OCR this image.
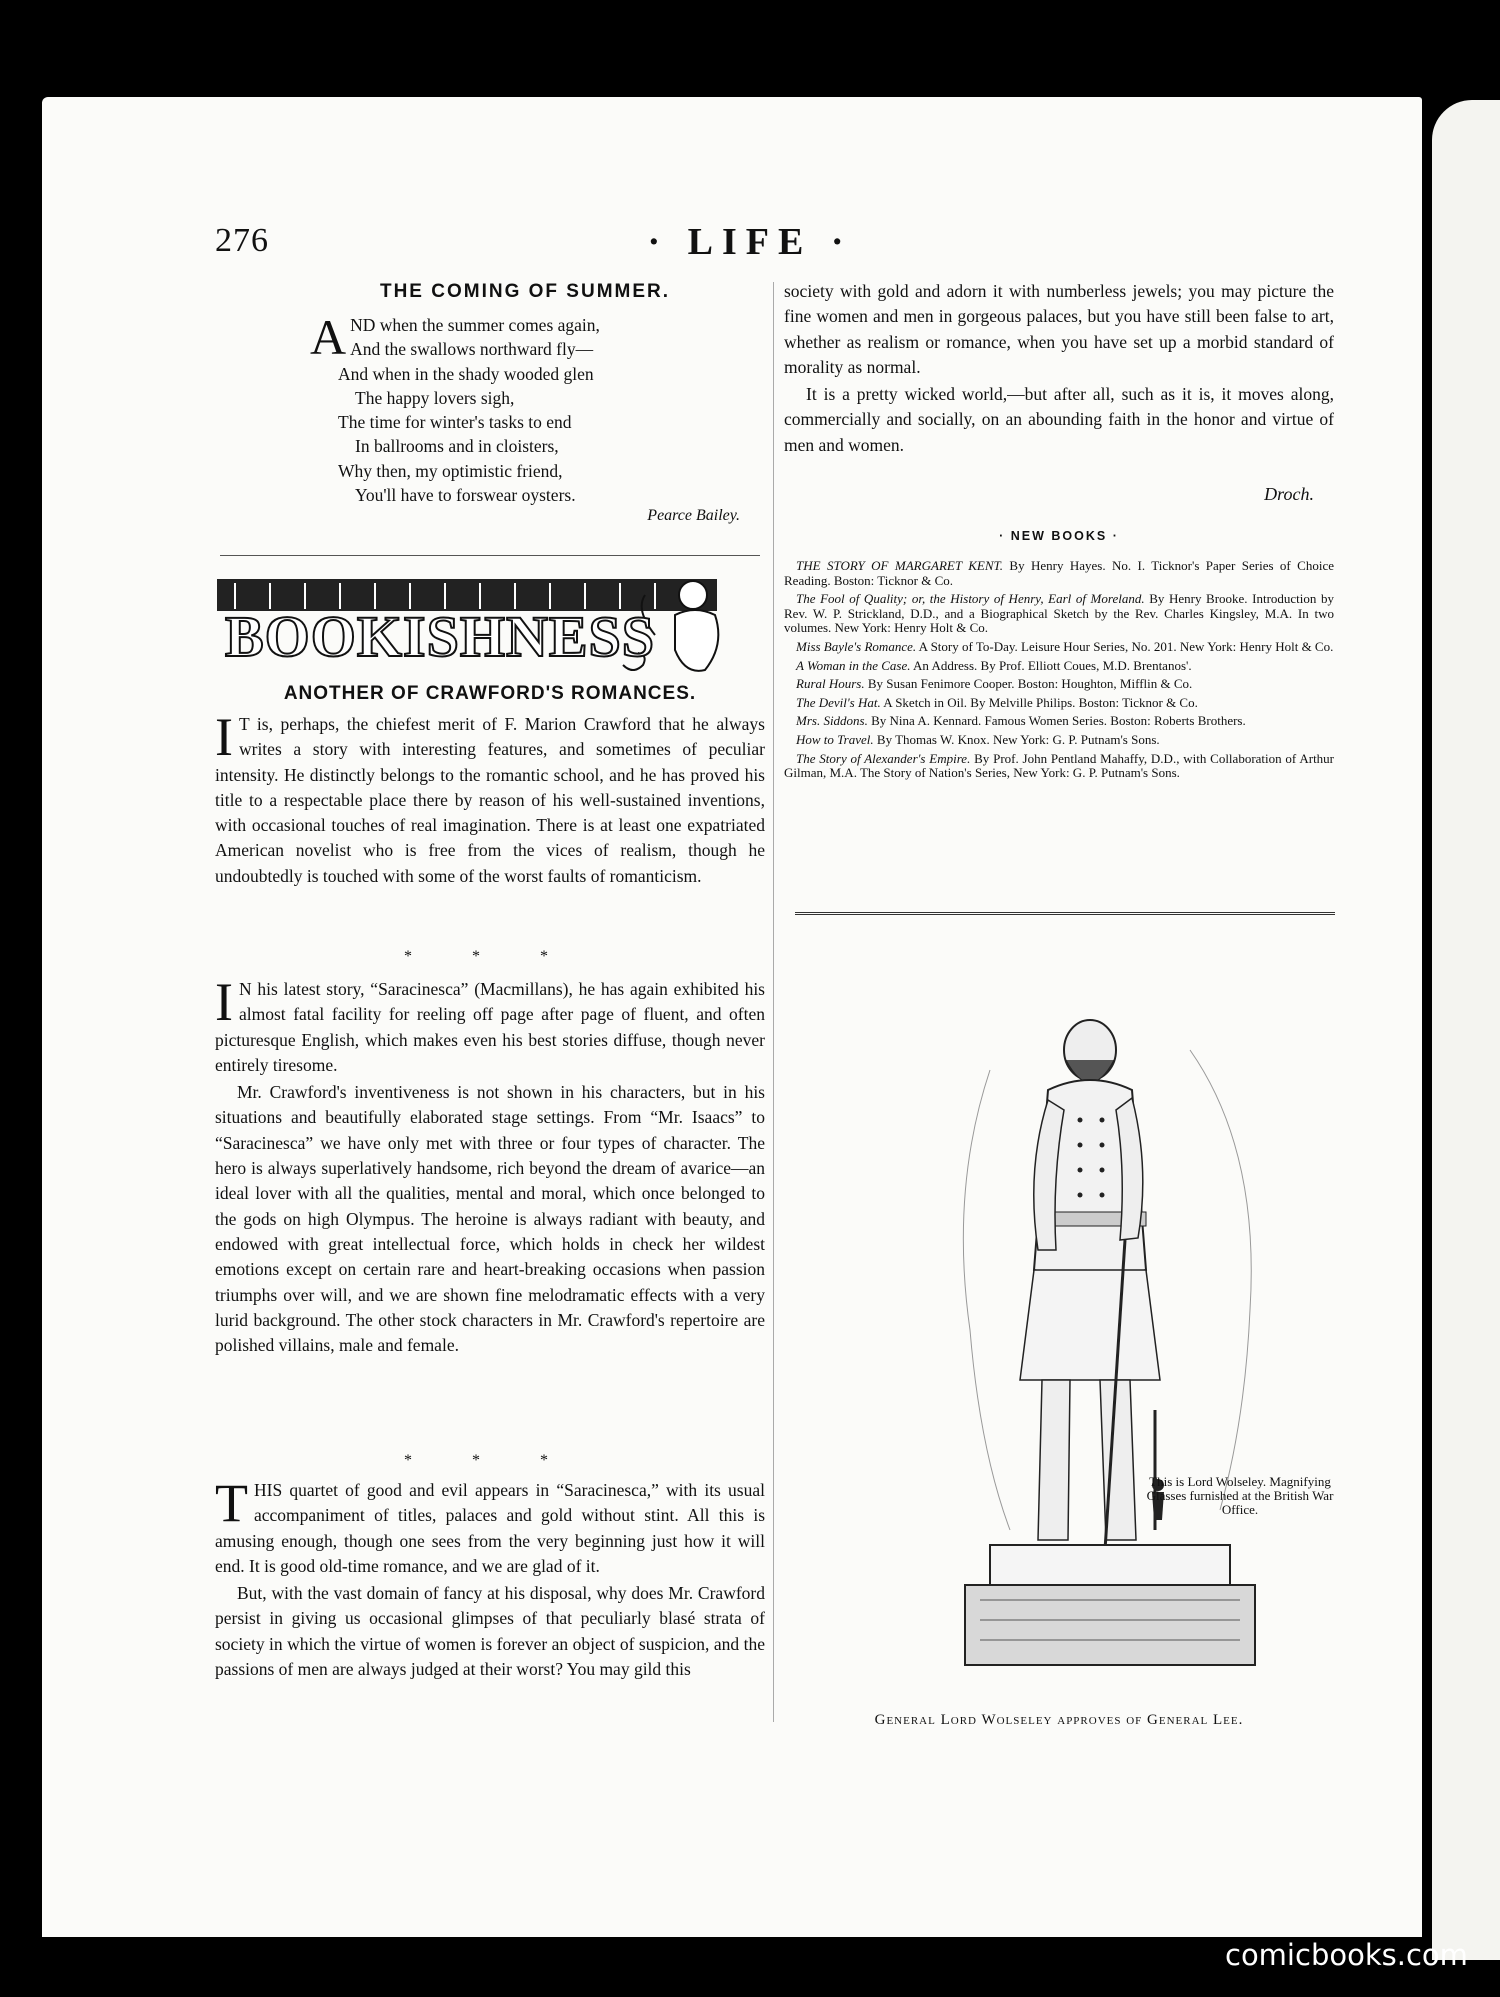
276	· LIFE ·
THE COMING OF SUMMER.
A ND when the summer comes again,
And the swallows northward fly—
And when in the shady wooded glen
The happy lovers sigh,
The time for winter's tasks to end
In ballrooms and in cloisters,
Why then, my optimistic friend,
You'll have to forswear oysters.
Pearce Bailey.
BOOKISHNESS
ANOTHER OF CRAWFORD'S ROMANCES.

I T is, perhaps, the chiefest merit of F. Marion Crawford that he always writes a story with interesting features, and sometimes of peculiar intensity. He distinctly belongs to the romantic school, and he has proved his title to a respectable place there by reason of his well-sustained inventions, with occasional touches of real imagination. There is at least one expatriated American novelist who is free from the vices of realism, though he undoubtedly is touched with some of the worst faults of romanticism.

* * *

I N his latest story, “Saracinesca” (Macmillans), he has again exhibited his almost fatal facility for reeling off page after page of fluent, and often picturesque English, which makes even his best stories diffuse, though never entirely tiresome.

Mr. Crawford's inventiveness is not shown in his characters, but in his situations and beautifully elaborated stage settings. From “Mr. Isaacs” to “Saracinesca” we have only met with three or four types of character. The hero is always superlatively handsome, rich beyond the dream of avarice—an ideal lover with all the qualities, mental and moral, which once belonged to the gods on high Olympus. The heroine is always radiant with beauty, and endowed with great intellectual force, which holds in check her wildest emotions except on certain rare and heart-breaking occasions when passion triumphs over will, and we are shown fine melodramatic effects with a very lurid background. The other stock characters in Mr. Crawford's repertoire are polished villains, male and female.

* * *

THIS quartet of good and evil appears in “Saracinesca,” with its usual accompaniment of titles, palaces and gold without stint. All this is amusing enough, though one sees from the very beginning just how it will end. It is good old-time romance, and we are glad of it.

But, with the vast domain of fancy at his disposal, why does Mr. Crawford persist in giving us occasional glimpses of that peculiarly blasé strata of society in which the virtue of women is forever an object of suspicion, and the passions of men are always judged at their worst? You may gild this

society with gold and adorn it with numberless jewels; you may picture the fine women and men in gorgeous palaces, but you have still been false to art, whether as realism or romance, when you have set up a morbid standard of morality as normal.

It is a pretty wicked world,—but after all, such as it is, it moves along, commercially and socially, on an abounding faith in the honor and virtue of men and women.

Droch.
· NEW BOOKS ·

THE STORY OF MARGARET KENT. By Henry Hayes. No. I. Ticknor's Paper Series of Choice Reading. Boston: Ticknor & Co.

The Fool of Quality; or, the History of Henry, Earl of Moreland. By Henry Brooke. Introduction by Rev. W. P. Strickland, D.D., and a Biographical Sketch by the Rev. Charles Kingsley, M.A. In two volumes. New York: Henry Holt & Co.

Miss Bayle's Romance. A Story of To-Day. Leisure Hour Series, No. 201. New York: Henry Holt & Co.

A Woman in the Case. An Address. By Prof. Elliott Coues, M.D. Brentanos'.

Rural Hours. By Susan Fenimore Cooper. Boston: Houghton, Mifflin & Co.

The Devil's Hat. A Sketch in Oil. By Melville Philips. Boston: Ticknor & Co.

Mrs. Siddons. By Nina A. Kennard. Famous Women Series. Boston: Roberts Brothers.

How to Travel. By Thomas W. Knox. New York: G. P. Putnam's Sons.

The Story of Alexander's Empire. By Prof. John Pentland Mahaffy, D.D., with Collaboration of Arthur Gilman, M.A. The Story of Nation's Series, New York: G. P. Putnam's Sons.

This is Lord Wolseley. Magnifying Glasses furnished at the British War Office.
General Lord Wolseley approves of General Lee.
comicbooks.com
